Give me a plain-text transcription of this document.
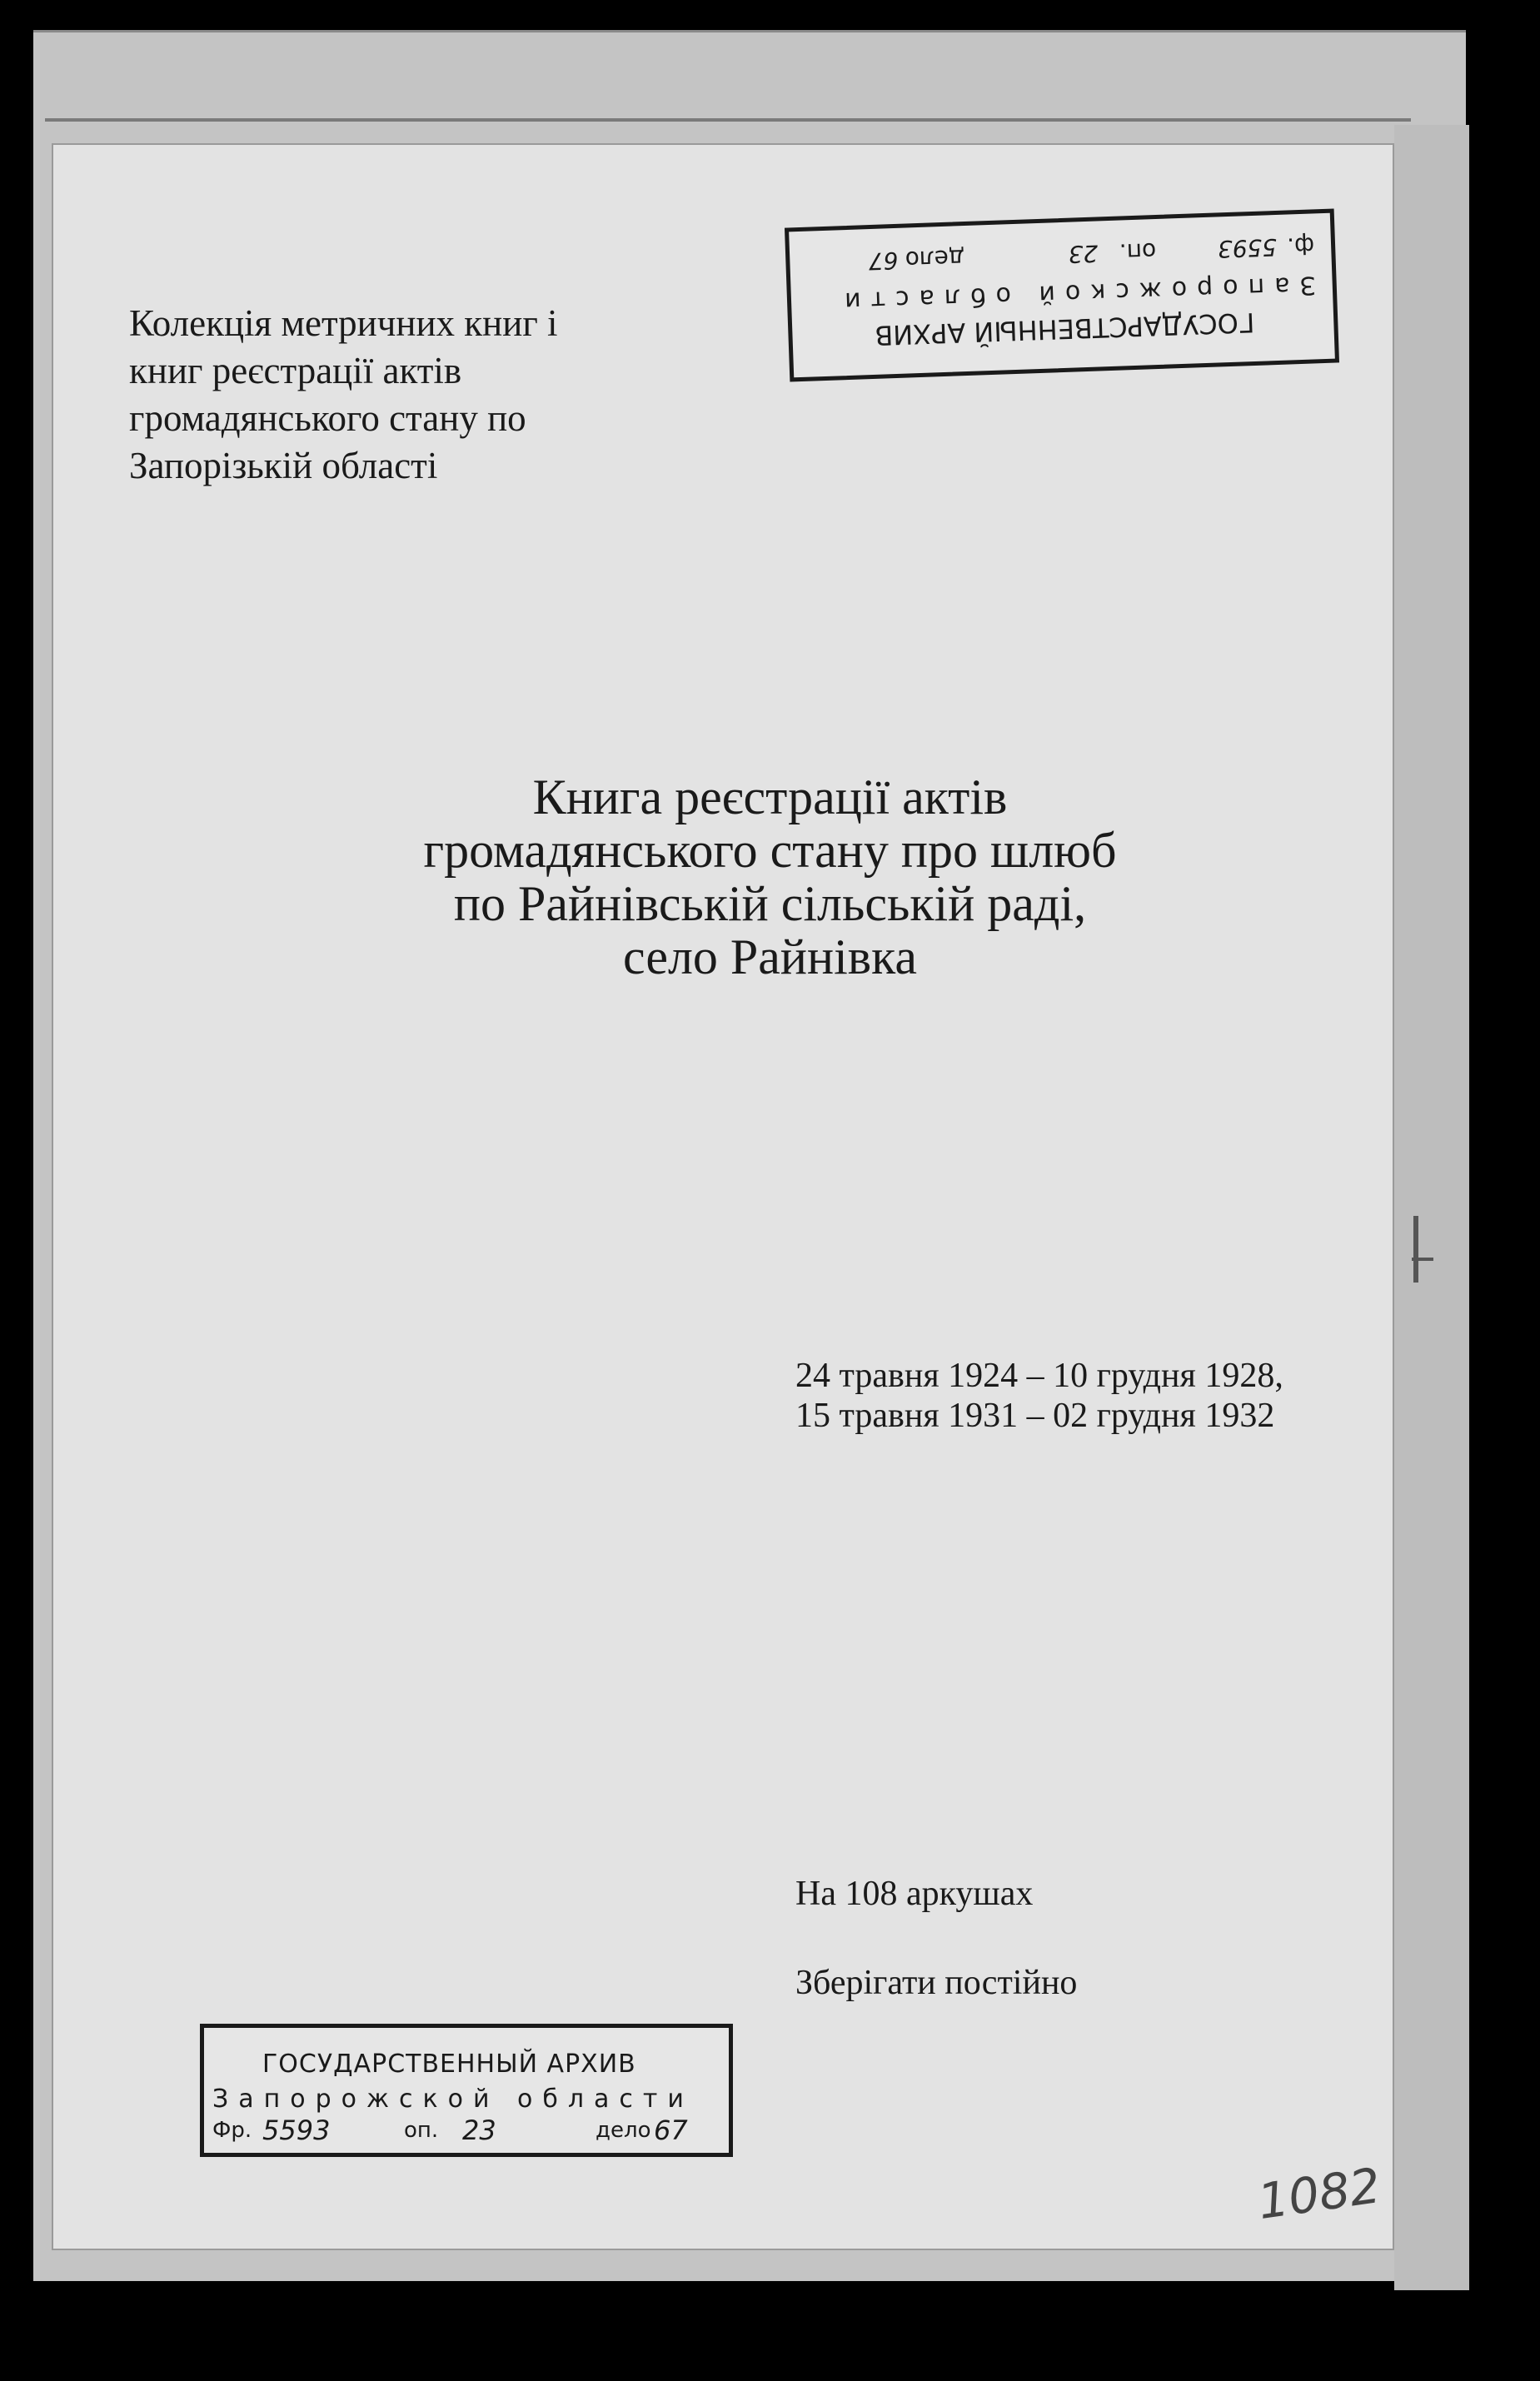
Колекція метричних книг і
книг реєстрації актів
громадянського стану по
Запорізькій області
ГОСУДАРСТВЕННЫЙ АРХИВ
Запорожской области
ф.
5593
оп.
23
дело
67
Книга реєстрації актів
громадянського стану про шлюб
по Райнівській сільській раді,
село Райнівка
24 травня 1924 – 10 грудня 1928,
15 травня 1931 – 02 грудня 1932
На 108 аркушах
Зберігати постійно
ГОСУДАРСТВЕННЫЙ АРХИВ
Запорожской области
Фр. 5593	оп. 23	дело 67
1082
